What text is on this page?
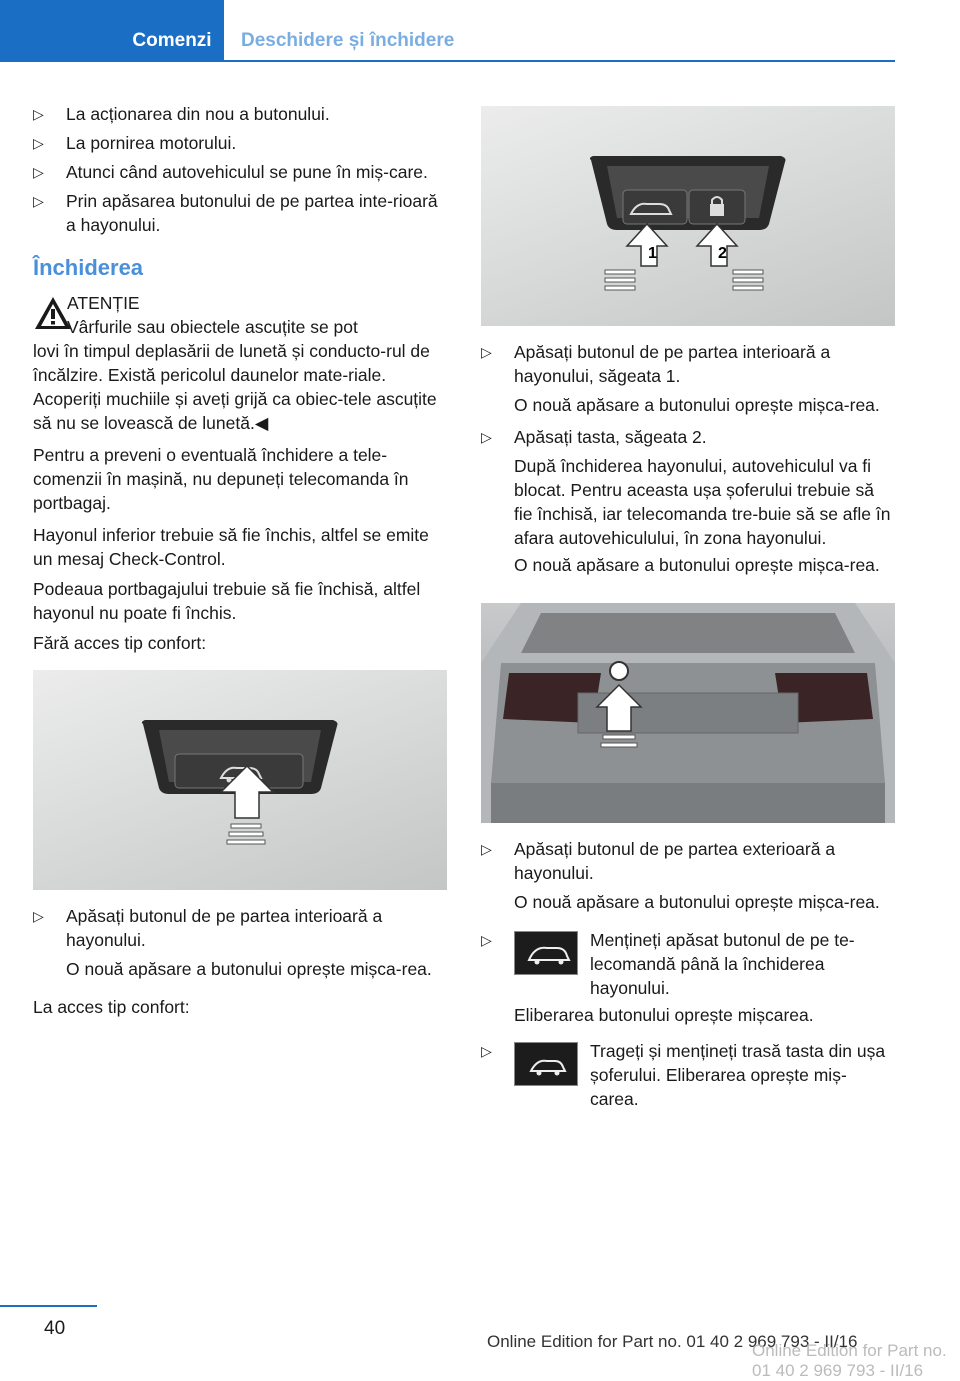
Comenzi	Deschidere și închidere
▷ La acționarea din nou a butonului.
▷ La pornirea motorului.
▷ Atunci când autovehiculul se pune în miș‐care.
▷ Prin apăsarea butonului de pe partea inte‐rioară a hayonului.
Închiderea
ATENȚIE
Vârfurile sau obiectele ascuțite se pot
lovi în timpul deplasării de lunetă și conducto‐rul de încălzire. Există pericolul daunelor mate‐riale. Acoperiți muchiile și aveți grijă ca obiec‐tele ascuțite să nu se lovească de lunetă.◀

Pentru a preveni o eventuală închidere a tele‐comenzii în mașină, nu depuneți telecomanda în portbagaj.

Hayonul inferior trebuie să fie închis, altfel se emite un mesaj Check-Control.

Podeaua portbagajului trebuie să fie închisă, altfel hayonul nu poate fi închis.

Fără acces tip confort:

▷ Apăsați butonul de pe partea interioară a hayonului.
O nouă apăsare a butonului oprește mișca‐rea.

La acces tip confort:

1	2
▷ Apăsați butonul de pe partea interioară a hayonului, săgeata 1.
O nouă apăsare a butonului oprește mișca‐rea.
▷ Apăsați tasta, săgeata 2.
După închiderea hayonului, autovehiculul va fi blocat. Pentru aceasta ușa șoferului trebuie să fie închisă, iar telecomanda tre‐buie să se afle în afara autovehiculului, în zona hayonului.
O nouă apăsare a butonului oprește mișca‐rea.
▷ Apăsați butonul de pe partea exterioară a hayonului.
O nouă apăsare a butonului oprește mișca‐rea.
▷	Mențineți apăsat butonul de pe te‐lecomandă până la închiderea hayonului.
Eliberarea butonului oprește mișcarea.
▷	Trageți și mențineți trasă tasta din ușa șoferului. Eliberarea oprește miș‐carea.
40
Online Edition for Part no. 01 40 2 969 793 - II/16
Online Edition for Part no. 01 40 2 969 793 - II/16
